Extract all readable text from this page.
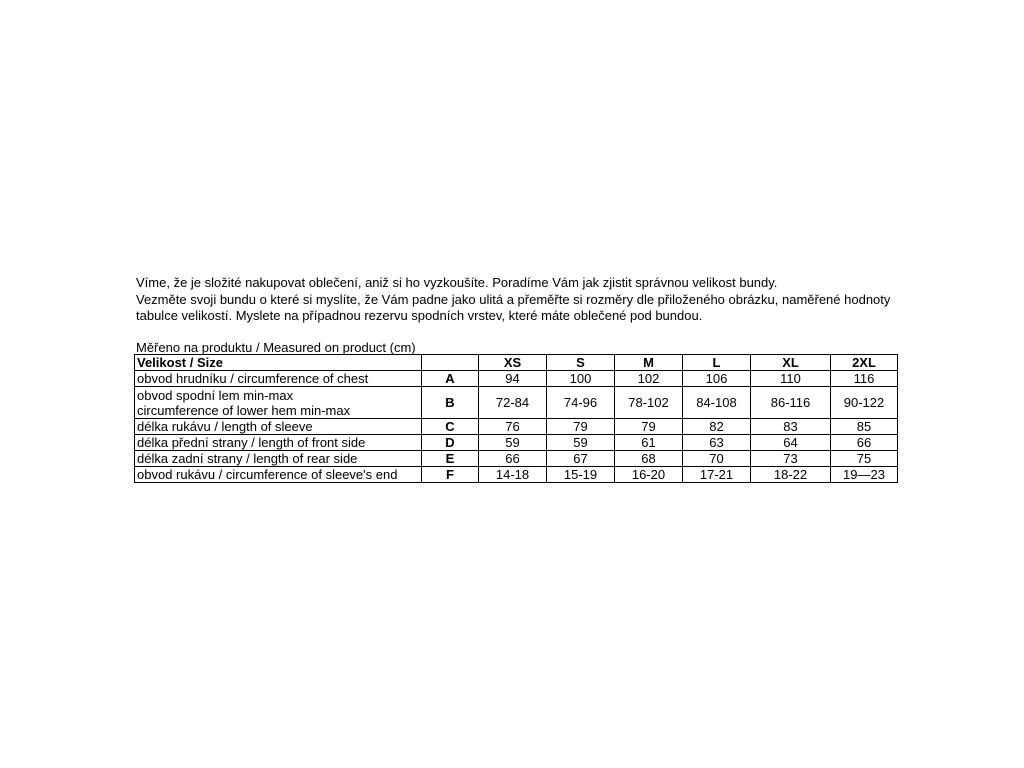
Víme, že je složité nakupovat oblečení, aniž si ho vyzkoušíte. Poradíme Vám jak zjistit správnou velikost bundy.

Vezměte svoji bundu o které si myslíte, že Vám padne jako ulitá a přeměřte si rozměry dle přiloženého obrázku, naměřené hodnoty

tabulce velikostí. Myslete na případnou rezervu spodních vrstev, které máte oblečené pod bundou.

Měřeno na produktu / Measured on product (cm)
Velikost / Size		XS	S	M	L	XL	2XL
obvod hrudníku / circumference of chest	A	94	100	102	106	110	116

obvod spodní lem min-max
circumference of lower hem min-max	B	72-84	74-96	78-102	84-108	86-116	90-122
délka rukávu / length of sleeve	C	76	79	79	82	83	85
délka přední strany / length of front side	D	59	59	61	63	64	66
délka zadní strany / length of rear side	E	66	67	68	70	73	75
obvod rukávu / circumference of sleeve's end	F	14-18	15-19	16-20	17-21	18-22	19—23
